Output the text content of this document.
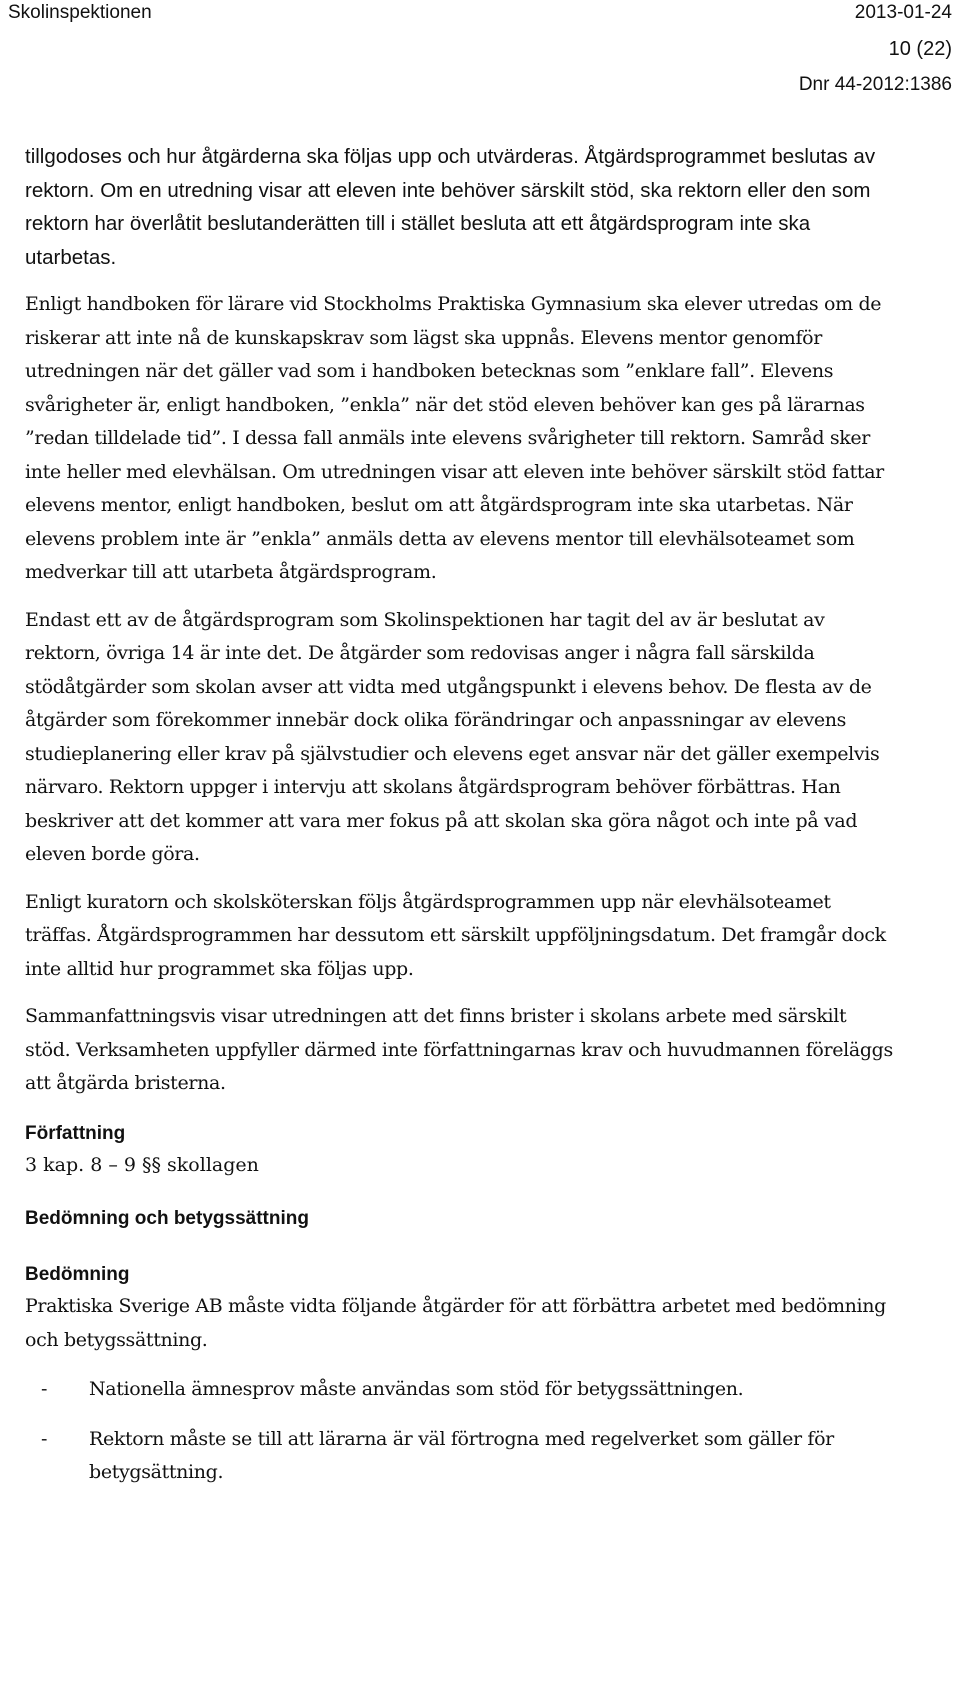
Skolinspektionen	2013-01-24
10 (22)
Dnr 44-2012:1386

tillgodoses och hur åtgärderna ska följas upp och utvärderas. Åtgärdsprogrammet beslutas av rektorn. Om en utredning visar att eleven inte behöver särskilt stöd, ska rektorn eller den som rektorn har överlåtit beslutanderätten till i stället besluta att ett åtgärdsprogram inte ska utarbetas.

Enligt handboken för lärare vid Stockholms Praktiska Gymnasium ska elever utredas om de riskerar att inte nå de kunskapskrav som lägst ska uppnås. Elevens mentor genomför utredningen när det gäller vad som i handboken betecknas som ”enklare fall”. Elevens svårigheter är, enligt handboken, ”enkla” när det stöd eleven behöver kan ges på lärarnas ”redan tilldelade tid”. I dessa fall anmäls inte elevens svårigheter till rektorn. Samråd sker inte heller med elevhälsan. Om utredningen visar att eleven inte behöver särskilt stöd fattar elevens mentor, enligt handboken, beslut om att åtgärdsprogram inte ska utarbetas. När elevens problem inte är ”enkla” anmäls detta av elevens mentor till elevhälsoteamet som medverkar till att utarbeta åtgärdsprogram.

Endast ett av de åtgärdsprogram som Skolinspektionen har tagit del av är beslutat av rektorn, övriga 14 är inte det. De åtgärder som redovisas anger i några fall särskilda stödåtgärder som skolan avser att vidta med utgångspunkt i elevens behov. De flesta av de åtgärder som förekommer innebär dock olika förändringar och anpassningar av elevens studieplanering eller krav på självstudier och elevens eget ansvar när det gäller exempelvis närvaro. Rektorn uppger i intervju att skolans åtgärdsprogram behöver förbättras. Han beskriver att det kommer att vara mer fokus på att skolan ska göra något och inte på vad eleven borde göra.

Enligt kuratorn och skolsköterskan följs åtgärdsprogrammen upp när elevhälsoteamet träffas. Åtgärdsprogrammen har dessutom ett särskilt uppföljningsdatum. Det framgår dock inte alltid hur programmet ska följas upp.

Sammanfattningsvis visar utredningen att det finns brister i skolans arbete med särskilt stöd. Verksamheten uppfyller därmed inte författningarnas krav och huvudmannen föreläggs att åtgärda bristerna.

Författning
3 kap. 8 – 9 §§ skollagen
Bedömning och betygssättning
Bedömning

Praktiska Sverige AB måste vidta följande åtgärder för att förbättra arbetet med bedömning och betygssättning.

- Nationella ämnesprov måste användas som stöd för betygssättningen.
- Rektorn måste se till att lärarna är väl förtrogna med regelverket som gäller för betygsättning.
